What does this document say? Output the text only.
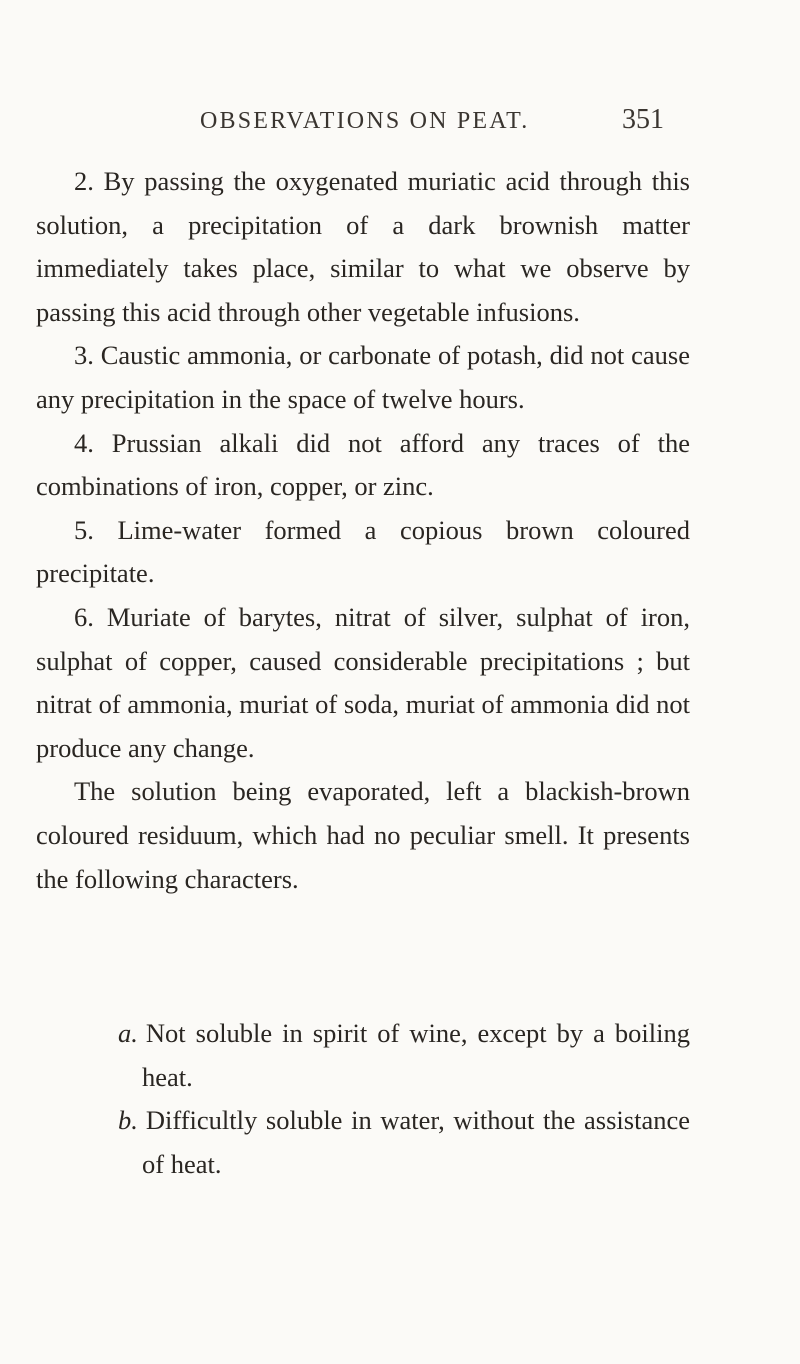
OBSERVATIONS ON PEAT.	351

2. By passing the oxygenated muriatic acid through this solution, a precipitation of a dark brownish matter immediately takes place, similar to what we observe by passing this acid through other vegetable infusions.

3. Caustic ammonia, or carbonate of potash, did not cause any precipitation in the space of twelve hours.

4. Prussian alkali did not afford any traces of the combinations of iron, copper, or zinc.

5. Lime-water formed a copious brown coloured precipitate.

6. Muriate of barytes, nitrat of silver, sulphat of iron, sulphat of copper, caused considerable precipitations ; but nitrat of ammonia, muriat of soda, muriat of ammonia did not produce any change.

The solution being evaporated, left a blackish-brown coloured residuum, which had no peculiar smell. It presents the following characters.

a. Not soluble in spirit of wine, except by a boiling heat.

b. Difficultly soluble in water, without the assistance of heat.
